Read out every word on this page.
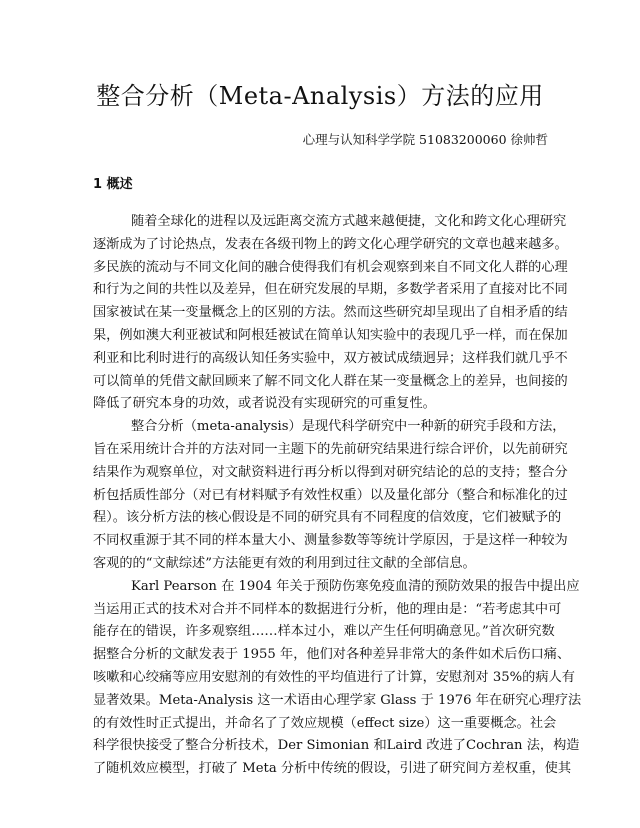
整合分析（Meta-Analysis）方法的应用
心理与认知科学学院 51083200060 徐帅哲
1 概述
随着全球化的进程以及远距离交流方式越来越便捷，文化和跨文化心理研究
逐渐成为了讨论热点，发表在各级刊物上的跨文化心理学研究的文章也越来越多。
多民族的流动与不同文化间的融合使得我们有机会观察到来自不同文化人群的心理
和行为之间的共性以及差异，但在研究发展的早期，多数学者采用了直接对比不同
国家被试在某一变量概念上的区别的方法。然而这些研究却呈现出了自相矛盾的结
果，例如澳大利亚被试和阿根廷被试在简单认知实验中的表现几乎一样，而在保加
利亚和比利时进行的高级认知任务实验中，双方被试成绩迥异；这样我们就几乎不
可以简单的凭借文献回顾来了解不同文化人群在某一变量概念上的差异，也间接的
降低了研究本身的功效，或者说没有实现研究的可重复性。
整合分析（meta-analysis）是现代科学研究中一种新的研究手段和方法，
旨在采用统计合并的方法对同一主题下的先前研究结果进行综合评价，以先前研究
结果作为观察单位，对文献资料进行再分析以得到对研究结论的总的支持；整合分
析包括质性部分（对已有材料赋予有效性权重）以及量化部分（整合和标准化的过
程）。该分析方法的核心假设是不同的研究具有不同程度的信效度，它们被赋予的
不同权重源于其不同的样本量大小、测量参数等等统计学原因，于是这样一种较为
客观的的“文献综述”方法能更有效的利用到过往文献的全部信息。
Karl Pearson 在 1904 年关于预防伤寒免疫血清的预防效果的报告中提出应
当运用正式的技术对合并不同样本的数据进行分析，他的理由是：“若考虑其中可
能存在的错误，许多观察组……样本过小，难以产生任何明确意见。”首次研究数
据整合分析的文献发表于 1955 年，他们对各种差异非常大的条件如术后伤口痛、
咳嗽和心绞痛等应用安慰剂的有效性的平均值进行了计算，安慰剂对 35%的病人有
显著效果。Meta-Analysis 这一术语由心理学家 Glass 于 1976 年在研究心理疗法
的有效性时正式提出，并命名了了效应规模（effect size）这一重要概念。社会
科学很快接受了整合分析技术，Der Simonian 和Laird 改进了Cochran 法，构造
了随机效应模型，打破了 Meta 分析中传统的假设，引进了研究间方差权重，使其
